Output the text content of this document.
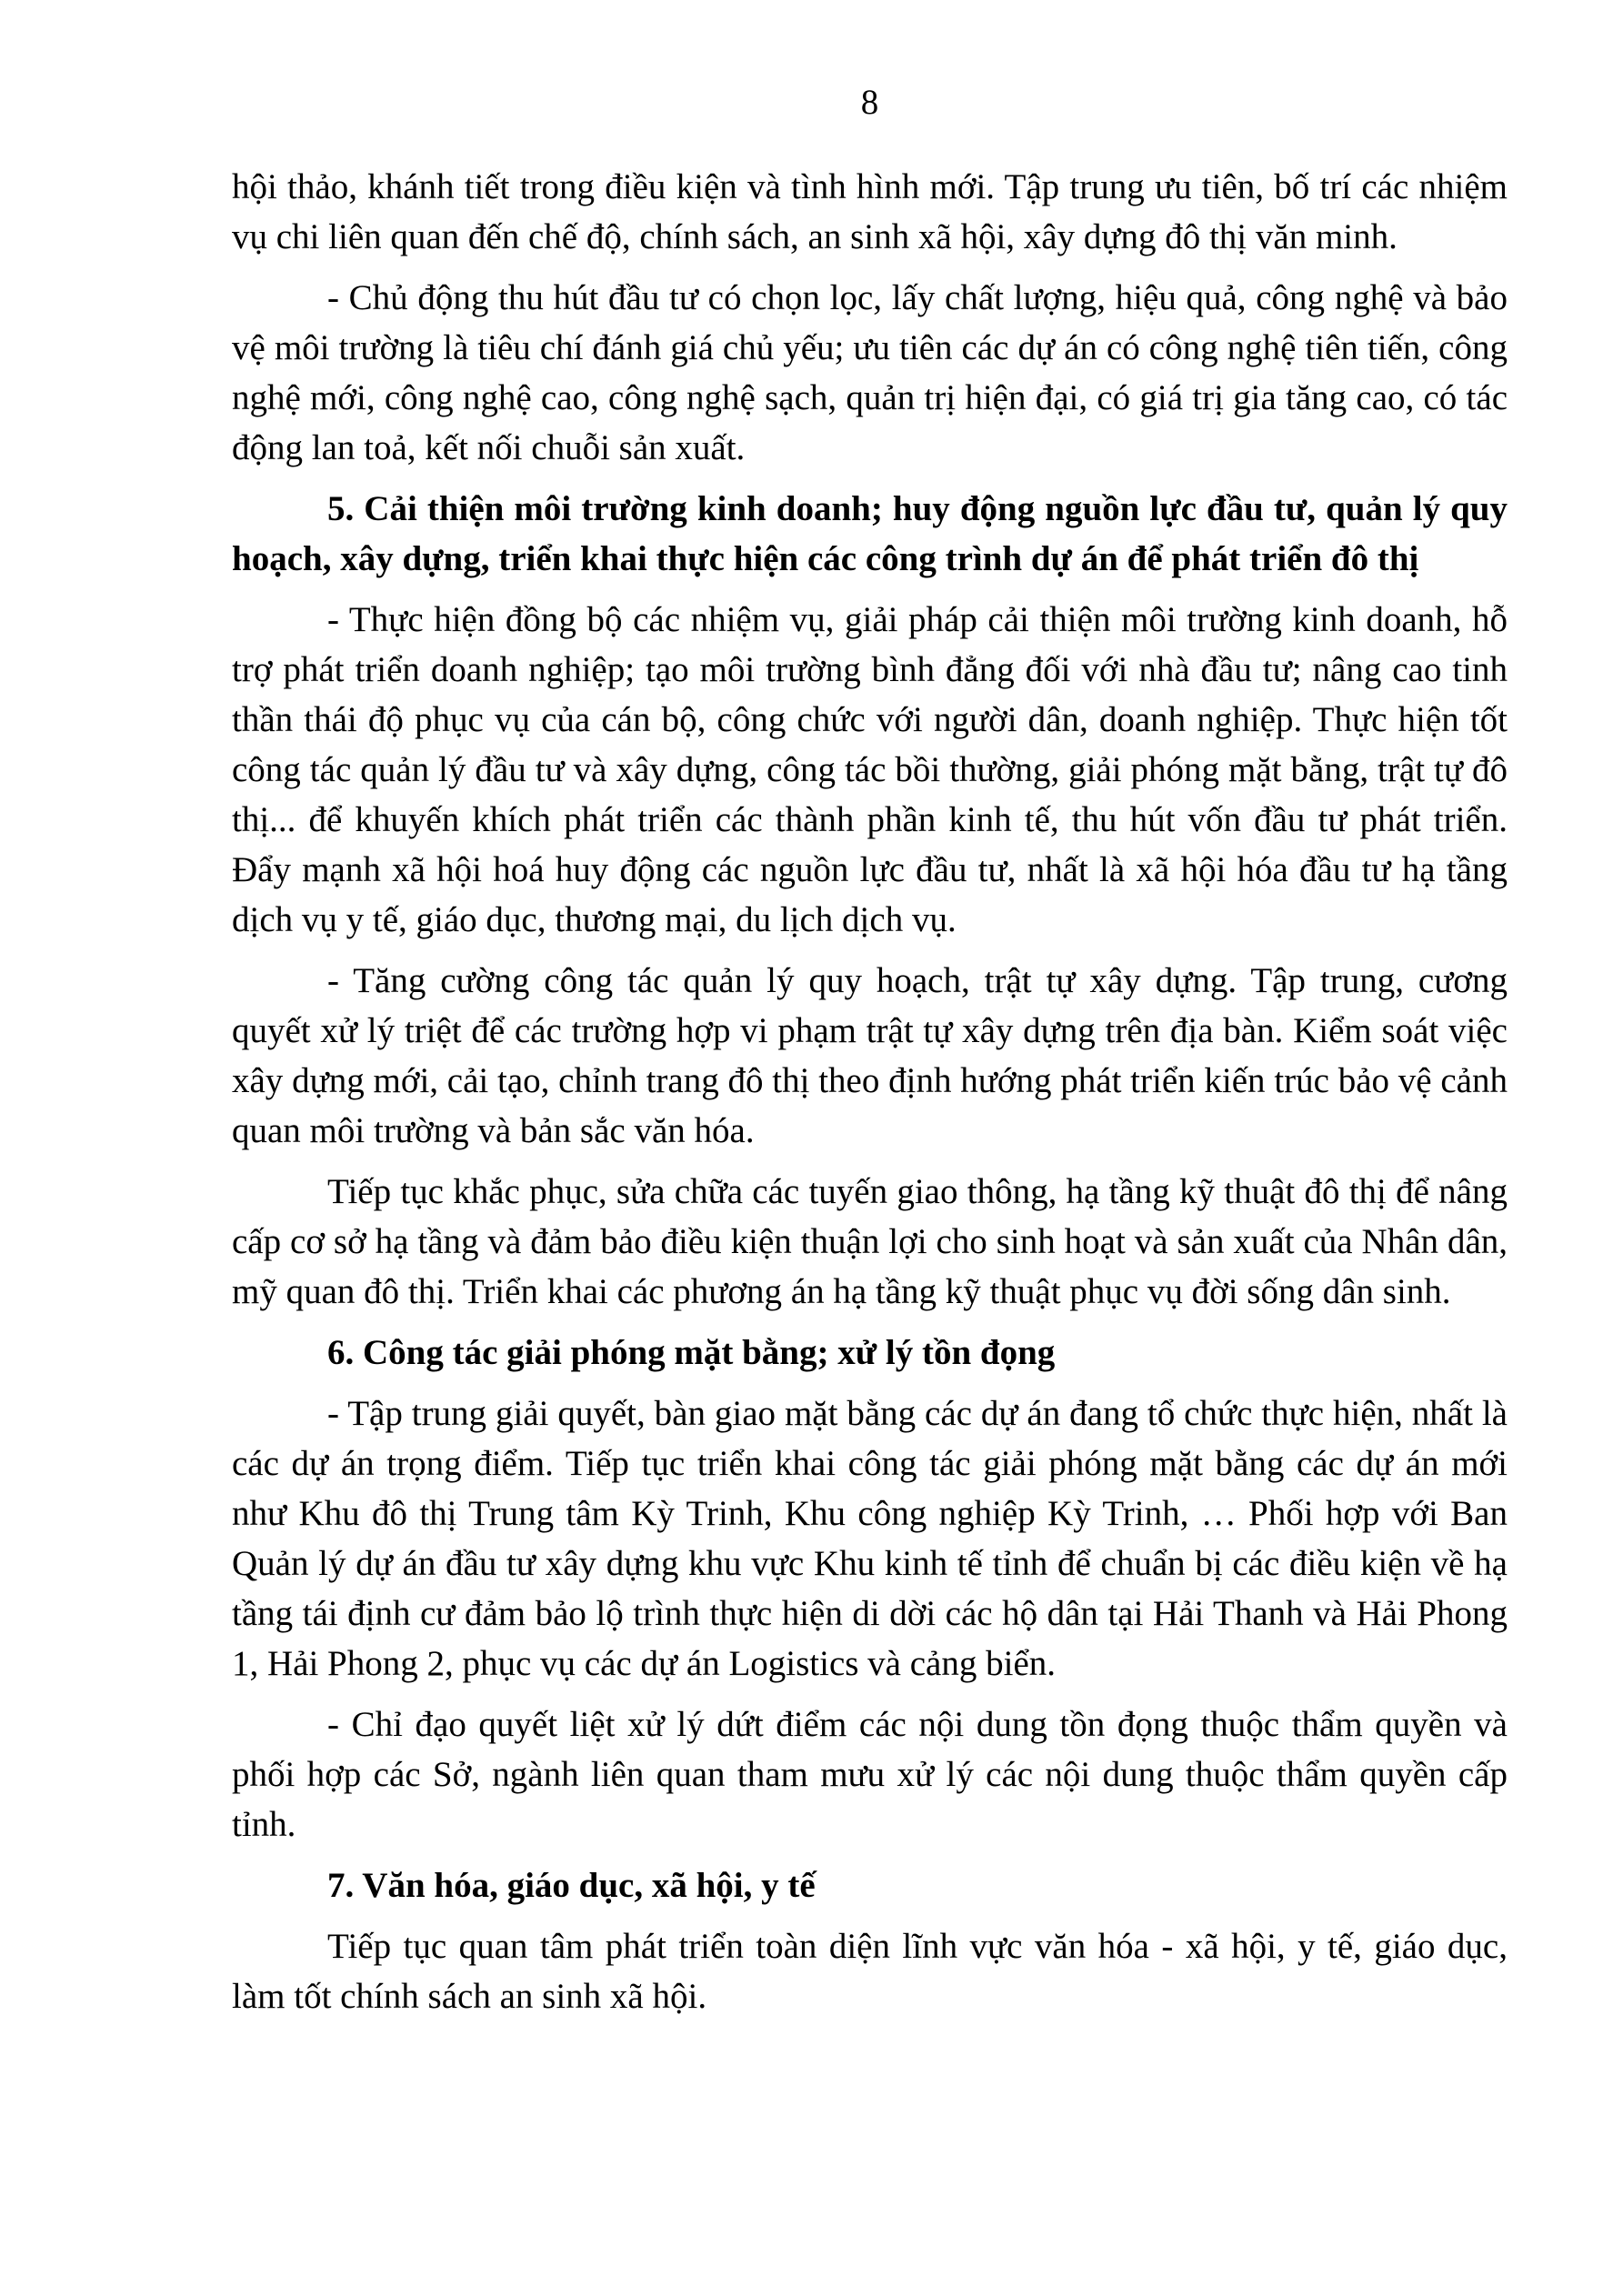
8

hội thảo, khánh tiết trong điều kiện và tình hình mới. Tập trung ưu tiên, bố trí các nhiệm vụ chi liên quan đến chế độ, chính sách, an sinh xã hội, xây dựng đô thị văn minh.

- Chủ động thu hút đầu tư có chọn lọc, lấy chất lượng, hiệu quả, công nghệ và bảo vệ môi trường là tiêu chí đánh giá chủ yếu; ưu tiên các dự án có công nghệ tiên tiến, công nghệ mới, công nghệ cao, công nghệ sạch, quản trị hiện đại, có giá trị gia tăng cao, có tác động lan toả, kết nối chuỗi sản xuất.

5. Cải thiện môi trường kinh doanh; huy động nguồn lực đầu tư, quản lý quy hoạch, xây dựng, triển khai thực hiện các công trình dự án để phát triển đô thị

- Thực hiện đồng bộ các nhiệm vụ, giải pháp cải thiện môi trường kinh doanh, hỗ trợ phát triển doanh nghiệp; tạo môi trường bình đẳng đối với nhà đầu tư; nâng cao tinh thần thái độ phục vụ của cán bộ, công chức với người dân, doanh nghiệp. Thực hiện tốt công tác quản lý đầu tư và xây dựng, công tác bồi thường, giải phóng mặt bằng, trật tự đô thị... để khuyến khích phát triển các thành phần kinh tế, thu hút vốn đầu tư phát triển. Đẩy mạnh xã hội hoá huy động các nguồn lực đầu tư, nhất là xã hội hóa đầu tư hạ tầng dịch vụ y tế, giáo dục, thương mại, du lịch dịch vụ.

- Tăng cường công tác quản lý quy hoạch, trật tự xây dựng. Tập trung, cương quyết xử lý triệt để các trường hợp vi phạm trật tự xây dựng trên địa bàn. Kiểm soát việc xây dựng mới, cải tạo, chỉnh trang đô thị theo định hướng phát triển kiến trúc bảo vệ cảnh quan môi trường và bản sắc văn hóa.

Tiếp tục khắc phục, sửa chữa các tuyến giao thông, hạ tầng kỹ thuật đô thị để nâng cấp cơ sở hạ tầng và đảm bảo điều kiện thuận lợi cho sinh hoạt và sản xuất của Nhân dân, mỹ quan đô thị. Triển khai các phương án hạ tầng kỹ thuật phục vụ đời sống dân sinh.

6. Công tác giải phóng mặt bằng; xử lý tồn đọng

- Tập trung giải quyết, bàn giao mặt bằng các dự án đang tổ chức thực hiện, nhất là các dự án trọng điểm. Tiếp tục triển khai công tác giải phóng mặt bằng các dự án mới như Khu đô thị Trung tâm Kỳ Trinh, Khu công nghiệp Kỳ Trinh, … Phối hợp với Ban Quản lý dự án đầu tư xây dựng khu vực Khu kinh tế tỉnh để chuẩn bị các điều kiện về hạ tầng tái định cư đảm bảo lộ trình thực hiện di dời các hộ dân tại Hải Thanh và Hải Phong 1, Hải Phong 2, phục vụ các dự án Logistics và cảng biển.

- Chỉ đạo quyết liệt xử lý dứt điểm các nội dung tồn đọng thuộc thẩm quyền và phối hợp các Sở, ngành liên quan tham mưu xử lý các nội dung thuộc thẩm quyền cấp tỉnh.

7. Văn hóa, giáo dục, xã hội, y tế

Tiếp tục quan tâm phát triển toàn diện lĩnh vực văn hóa - xã hội, y tế, giáo dục, làm tốt chính sách an sinh xã hội.
